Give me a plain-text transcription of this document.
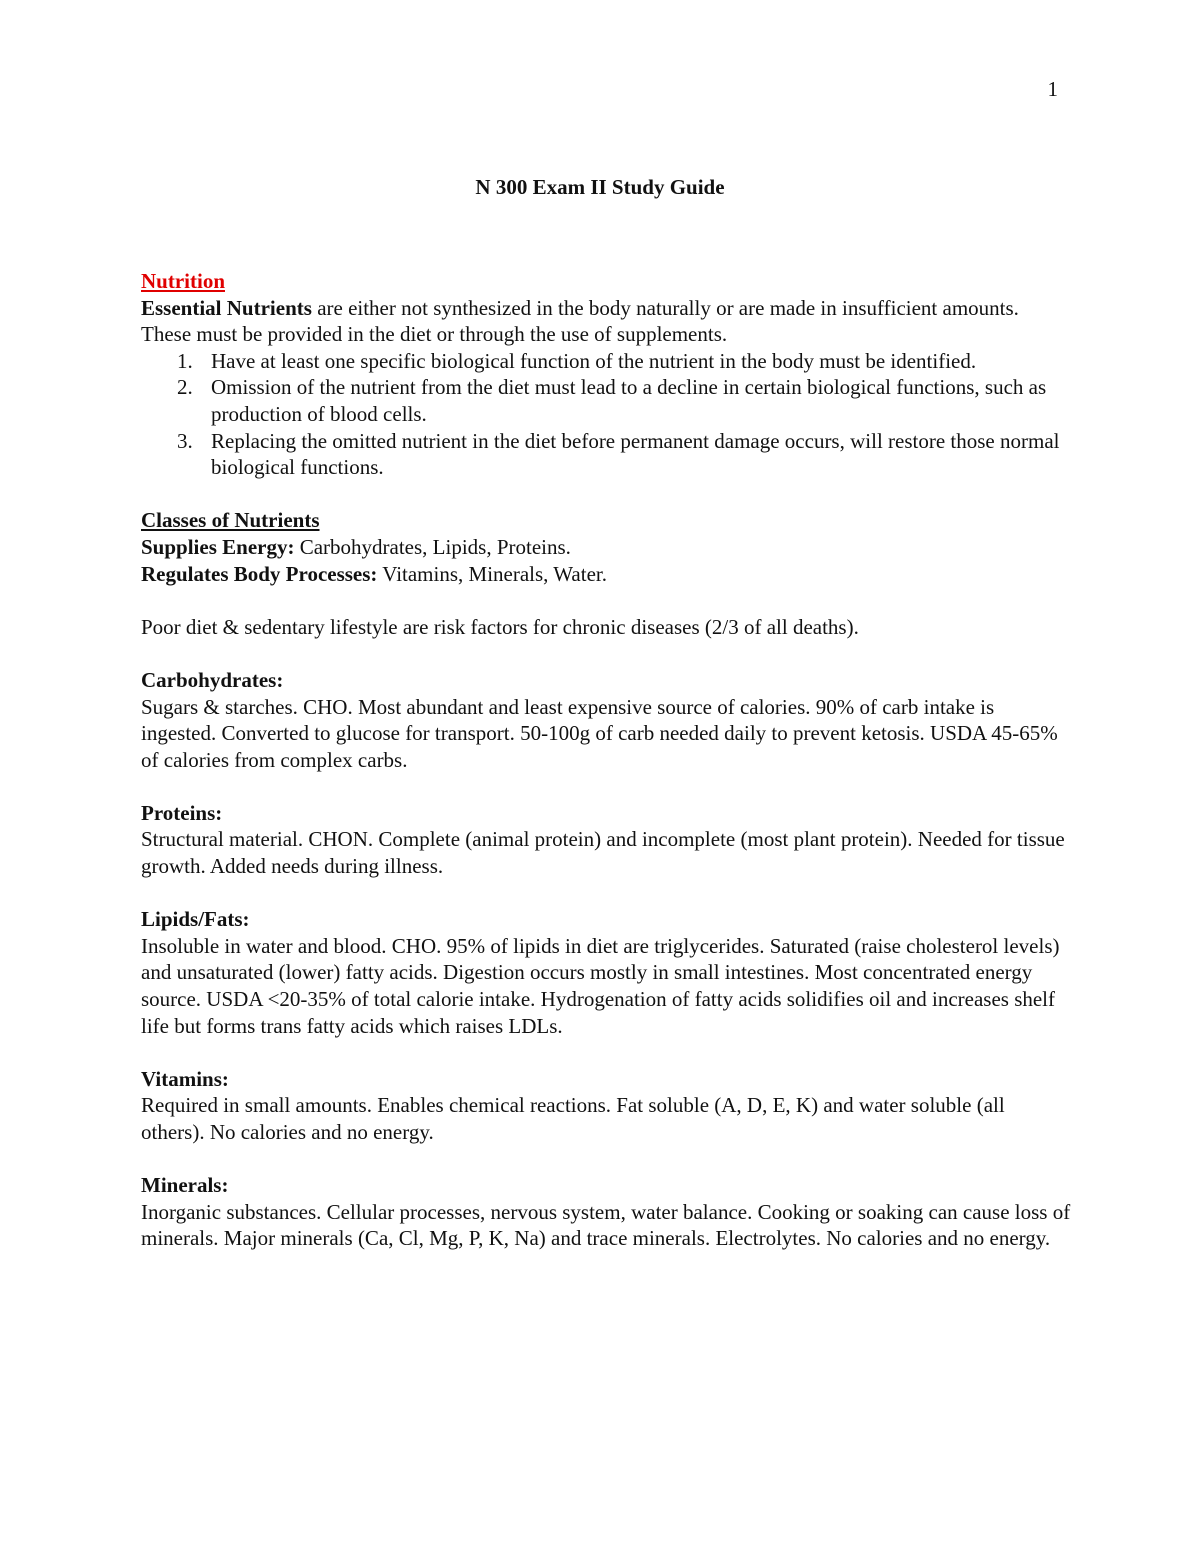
1
N 300 Exam II Study Guide

Nutrition

Essential Nutrients are either not synthesized in the body naturally or are made in insufficient amounts. These must be provided in the diet or through the use of supplements.

1. Have at least one specific biological function of the nutrient in the body must be identified.
2. Omission of the nutrient from the diet must lead to a decline in certain biological functions, such as production of blood cells.
3. Replacing the omitted nutrient in the diet before permanent damage occurs, will restore those normal biological functions.

Classes of Nutrients

Supplies Energy: Carbohydrates, Lipids, Proteins.

Regulates Body Processes: Vitamins, Minerals, Water.

Poor diet & sedentary lifestyle are risk factors for chronic diseases (2/3 of all deaths).

Carbohydrates:

Sugars & starches. CHO. Most abundant and least expensive source of calories. 90% of carb intake is ingested. Converted to glucose for transport. 50-100g of carb needed daily to prevent ketosis. USDA 45-65% of calories from complex carbs.

Proteins:

Structural material. CHON. Complete (animal protein) and incomplete (most plant protein). Needed for tissue growth. Added needs during illness.

Lipids/Fats:

Insoluble in water and blood. CHO. 95% of lipids in diet are triglycerides. Saturated (raise cholesterol levels) and unsaturated (lower) fatty acids. Digestion occurs mostly in small intestines. Most concentrated energy source. USDA <20-35% of total calorie intake. Hydrogenation of fatty acids solidifies oil and increases shelf life but forms trans fatty acids which raises LDLs.

Vitamins:

Required in small amounts. Enables chemical reactions. Fat soluble (A, D, E, K) and water soluble (all others). No calories and no energy.

Minerals:

Inorganic substances. Cellular processes, nervous system, water balance. Cooking or soaking can cause loss of minerals. Major minerals (Ca, Cl, Mg, P, K, Na) and trace minerals. Electrolytes. No calories and no energy.
